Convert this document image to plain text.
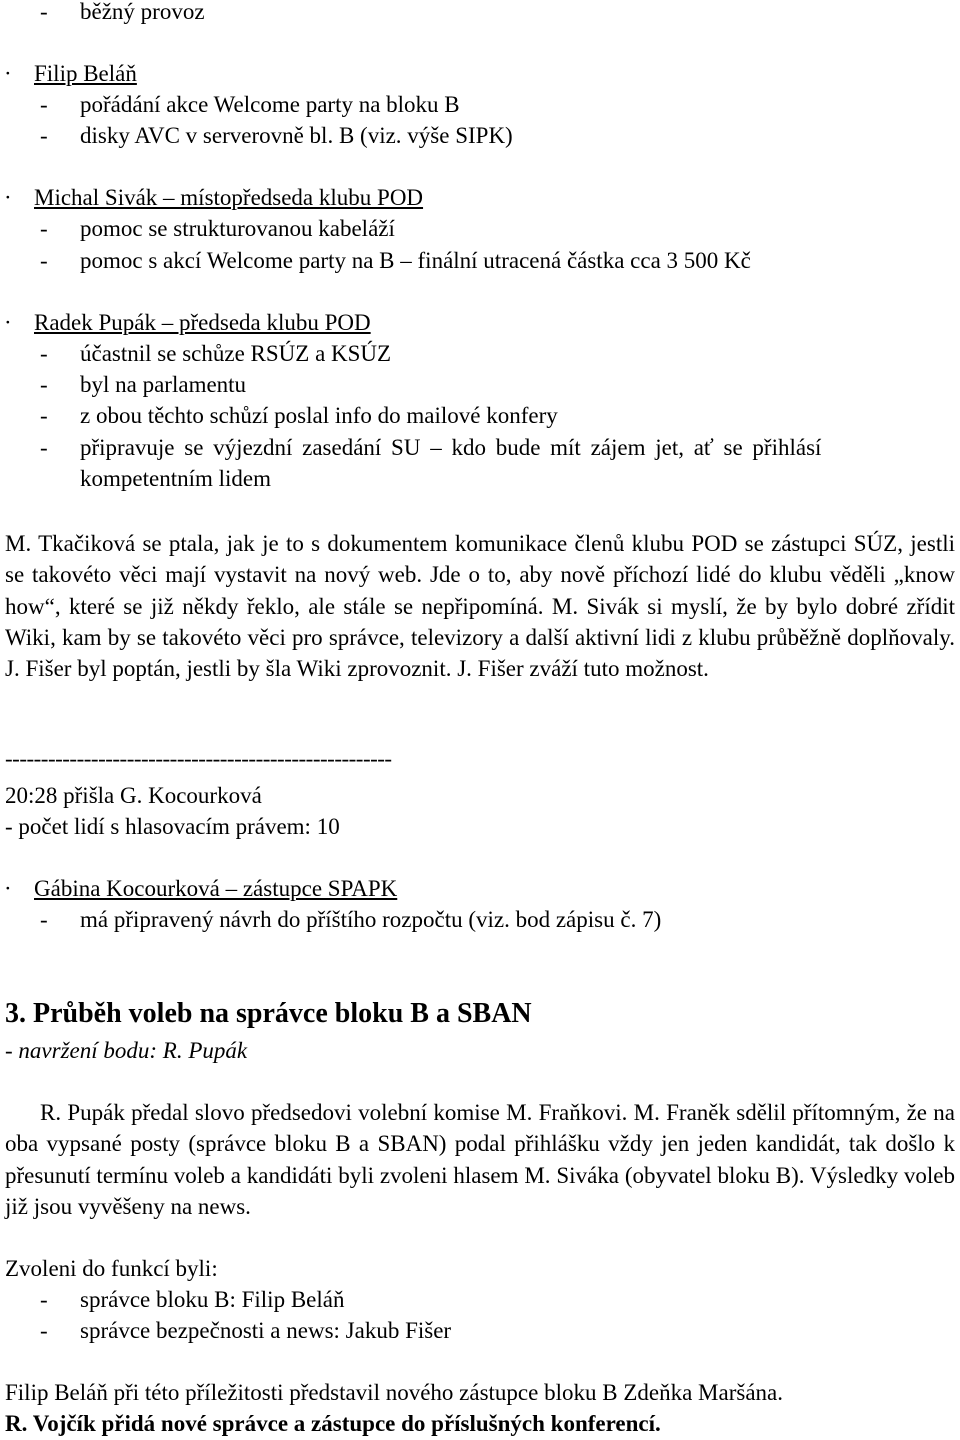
- běžný provoz
· Filip Beláň
- pořádání akce Welcome party na bloku B
- disky AVC v serverovně bl. B (viz. výše SIPK)
· Michal Sivák – místopředseda klubu POD
- pomoc se strukturovanou kabeláží
- pomoc s akcí Welcome party na B – finální utracená částka cca 3 500 Kč
· Radek Pupák – předseda klubu POD
- účastnil se schůze RSÚZ a KSÚZ
- byl na parlamentu
- z obou těchto schůzí poslal info do mailové konfery
- připravuje se výjezdní zasedání SU – kdo bude mít zájem jet, ať se přihlásí
kompetentním lidem
M. Tkačiková se ptala, jak je to s dokumentem komunikace členů klubu POD se zástupci SÚZ, jestli se takovéto věci mají vystavit na nový web. Jde o to, aby nově příchozí lidé do klubu věděli „know how“, které se již někdy řeklo, ale stále se nepřipomíná. M. Sivák si myslí, že by bylo dobré zřídit Wiki, kam by se takovéto věci pro správce, televizory a další aktivní lidi z klubu průběžně doplňovaly. J. Fišer byl poptán, jestli by šla Wiki zprovoznit. J. Fišer zváží tuto možnost.
------------------------------------------------------
20:28 přišla G. Kocourková
- počet lidí s hlasovacím právem: 10
· Gábina Kocourková – zástupce SPAPK
- má připravený návrh do příštího rozpočtu (viz. bod zápisu č. 7)
3. Průběh voleb na správce bloku B a SBAN
- navržení bodu: R. Pupák
R. Pupák předal slovo předsedovi volební komise M. Fraňkovi. M. Franěk sdělil přítomným, že na oba vypsané posty (správce bloku B a SBAN) podal přihlášku vždy jen jeden kandidát, tak došlo k přesunutí termínu voleb a kandidáti byli zvoleni hlasem M. Siváka (obyvatel bloku B). Výsledky voleb již jsou vyvěšeny na news.
Zvoleni do funkcí byli:
- správce bloku B: Filip Beláň
- správce bezpečnosti a news: Jakub Fišer
Filip Beláň při této příležitosti představil nového zástupce bloku B Zdeňka Maršána.
R. Vojčík přidá nové správce a zástupce do příslušných konferencí.
